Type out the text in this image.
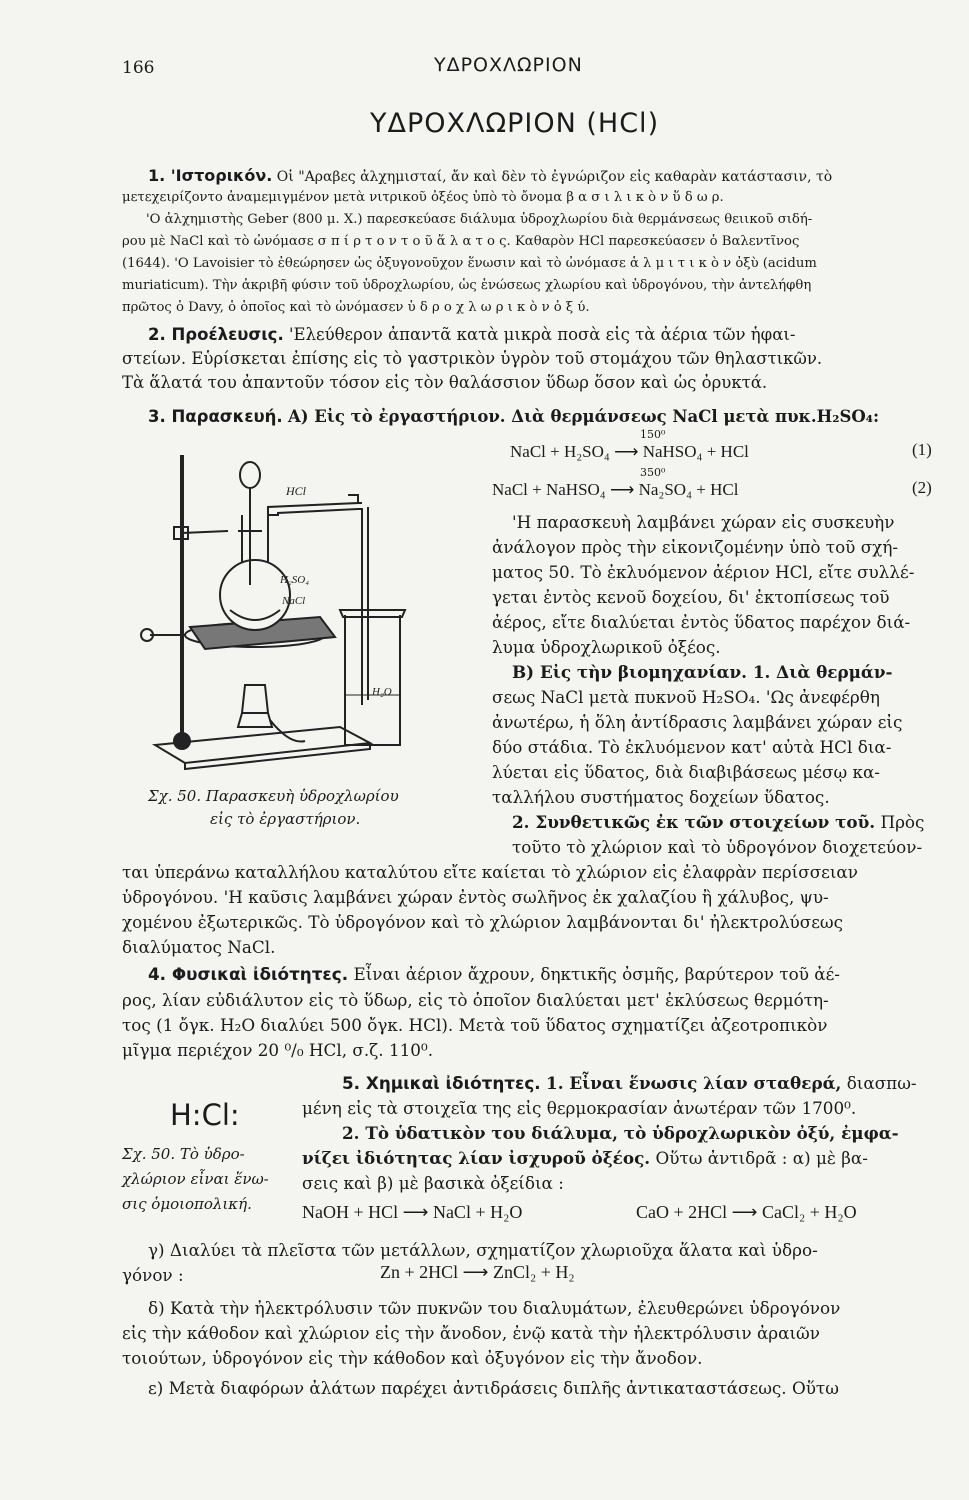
166	ΥΔΡΟΧΛΩΡΙΟΝ
ΥΔΡΟΧΛΩΡΙΟΝ (HCl)
1. 'Ιστορικόν. Οἱ "Αραβες ἀλχημισταί, ἄν καὶ δὲν τὸ ἐγνώριζον εἰς καθαρὰν κατάστασιν, τὸ
μετεχειρίζοντο ἀναμεμιγμένον μετὰ νιτρικοῦ ὀξέος ὑπὸ τὸ ὄνομα β α σ ι λ ι κ ὸ ν ὕ δ ω ρ.
'Ο ἀλχημιστὴς Geber (800 μ. Χ.) παρεσκεύασε διάλυμα ὑδροχλωρίου διὰ θερμάνσεως θειικοῦ σιδή-
ρου μὲ NaCl καὶ τὸ ὠνόμασε σ π ί ρ τ ο ν τ ο ῦ ἅ λ α τ ο ς. Καθαρὸν HCl παρεσκεύασεν ὁ Βαλεντῖνος
(1644). 'Ο Lavoisier τὸ ἐθεώρησεν ὡς ὀξυγονοῦχον ἕνωσιν καὶ τὸ ὠνόμασε ἁ λ μ ι τ ι κ ὸ ν ὀξὺ (acidum
muriaticum). Τὴν ἀκριβῆ φύσιν τοῦ ὑδροχλωρίου, ὡς ἑνώσεως χλωρίου καὶ ὑδρογόνου, τὴν ἀντελήφθη
πρῶτος ὁ Davy, ὁ ὁποῖος καὶ τὸ ὠνόμασεν ὑ δ ρ ο χ λ ω ρ ι κ ὸ ν ὀ ξ ύ.
2. Προέλευσις. 'Ελεύθερον ἀπαντᾶ κατὰ μικρὰ ποσὰ εἰς τὰ ἀέρια τῶν ἡφαι-
στείων. Εὑρίσκεται ἐπίσης εἰς τὸ γαστρικὸν ὑγρὸν τοῦ στομάχου τῶν θηλαστικῶν.
Τὰ ἅλατά του ἀπαντοῦν τόσον εἰς τὸν θαλάσσιον ὕδωρ ὅσον καὶ ὡς ὀρυκτά.
3. Παρασκευή. Α) Εἰς τὸ ἐργαστήριον. Διὰ θερμάνσεως NaCl μετὰ πυκ.H₂SO₄:
150⁰
NaCl + H₂SO₄ ⟶ NaHSO₄ + HCl	(1)
350⁰
NaCl + NaHSO₄ ⟶ Na₂SO₄ + HCl	(2)
'Η παρασκευὴ λαμβάνει χώραν εἰς συσκευὴν
ἀνάλογον πρὸς τὴν εἰκονιζομένην ὑπὸ τοῦ σχή-
ματος 50. Τὸ ἐκλυόμενον ἀέριον HCl, εἴτε συλλέ-
γεται ἐντὸς κενοῦ δοχείου, δι' ἐκτοπίσεως τοῦ
ἀέρος, εἴτε διαλύεται ἐντὸς ὕδατος παρέχον διά-
λυμα ὑδροχλωρικοῦ ὀξέος.
Β) Εἰς τὴν βιομηχανίαν. 1. Διὰ θερμάν-
σεως NaCl μετὰ πυκνοῦ H₂SO₄. 'Ως ἀνεφέρθη
ἀνωτέρω, ἡ ὅλη ἀντίδρασις λαμβάνει χώραν εἰς
δύο στάδια. Τὸ ἐκλυόμενον κατ' αὐτὰ HCl δια-
λύεται εἰς ὕδατος, διὰ διαβιβάσεως μέσῳ κα-
ταλλήλου συστήματος δοχείων ὕδατος.
2. Συνθετικῶς ἐκ τῶν στοιχείων τοῦ. Πρὸς
τοῦτο τὸ χλώριον καὶ τὸ ὑδρογόνον διοχετεύον-
ται ὑπεράνω καταλλήλου καταλύτου εἴτε καίεται τὸ χλώριον εἰς ἐλαφρὰν περίσσειαν
ὑδρογόνου. 'Η καῦσις λαμβάνει χώραν ἐντὸς σωλῆνος ἐκ χαλαζίου ἢ χάλυβος, ψυ-
χομένου ἐξωτερικῶς. Τὸ ὑδρογόνον καὶ τὸ χλώριον λαμβάνονται δι' ἠλεκτρολύσεως
διαλύματος NaCl.
HCl
H₂SO₄
NaCl
H₂O
Σχ. 50. Παρασκευὴ ὑδροχλωρίου
εἰς τὸ ἐργαστήριον.
4. Φυσικαὶ ἰδιότητες. Εἶναι ἀέριον ἄχρουν, δηκτικῆς ὀσμῆς, βαρύτερον τοῦ ἀέ-
ρος, λίαν εὐδιάλυτον εἰς τὸ ὕδωρ, εἰς τὸ ὁποῖον διαλύεται μετ' ἐκλύσεως θερμότη-
τος (1 ὄγκ. H₂O διαλύει 500 ὄγκ. HCl). Μετὰ τοῦ ὕδατος σχηματίζει ἀζεοτροπικὸν
μῖγμα περιέχον 20 ⁰/₀ HCl, σ.ζ. 110⁰.
5. Χημικαὶ ἰδιότητες. 1. Εἶναι ἕνωσις λίαν σταθερά, διασπω-
μένη εἰς τὰ στοιχεῖα της εἰς θερμοκρασίαν ἀνωτέραν τῶν 1700⁰.
2. Τὸ ὑδατικὸν του διάλυμα, τὸ ὑδροχλωρικὸν ὀξύ, ἐμφα-
νίζει ἰδιότητας λίαν ἰσχυροῦ ὀξέος. Οὕτω ἀντιδρᾶ : α) μὲ βα-
σεις καὶ β) μὲ βασικὰ ὀξείδια :
NaOH + HCl ⟶ NaCl + H₂O	CaO + 2HCl ⟶ CaCl₂ + H₂O
γ) Διαλύει τὰ πλεῖστα τῶν μετάλλων, σχηματίζον χλωριοῦχα ἅλατα καὶ ὑδρο-
γόνον :	Zn + 2HCl ⟶ ZnCl₂ + H₂
δ) Κατὰ τὴν ἠλεκτρόλυσιν τῶν πυκνῶν του διαλυμάτων, ἐλευθερώνει ὑδρογόνον
εἰς τὴν κάθοδον καὶ χλώριον εἰς τὴν ἄνοδον, ἐνῷ κατὰ τὴν ἠλεκτρόλυσιν ἀραιῶν
τοιούτων, ὑδρογόνον εἰς τὴν κάθοδον καὶ ὀξυγόνον εἰς τὴν ἄνοδον.
ε) Μετὰ διαφόρων ἀλάτων παρέχει ἀντιδράσεις διπλῆς ἀντικαταστάσεως. Οὕτω
H:Cl:
Σχ. 50. Τὸ ὑδρο-
χλώριον εἶναι ἕνω-
σις ὁμοιοπολική.
